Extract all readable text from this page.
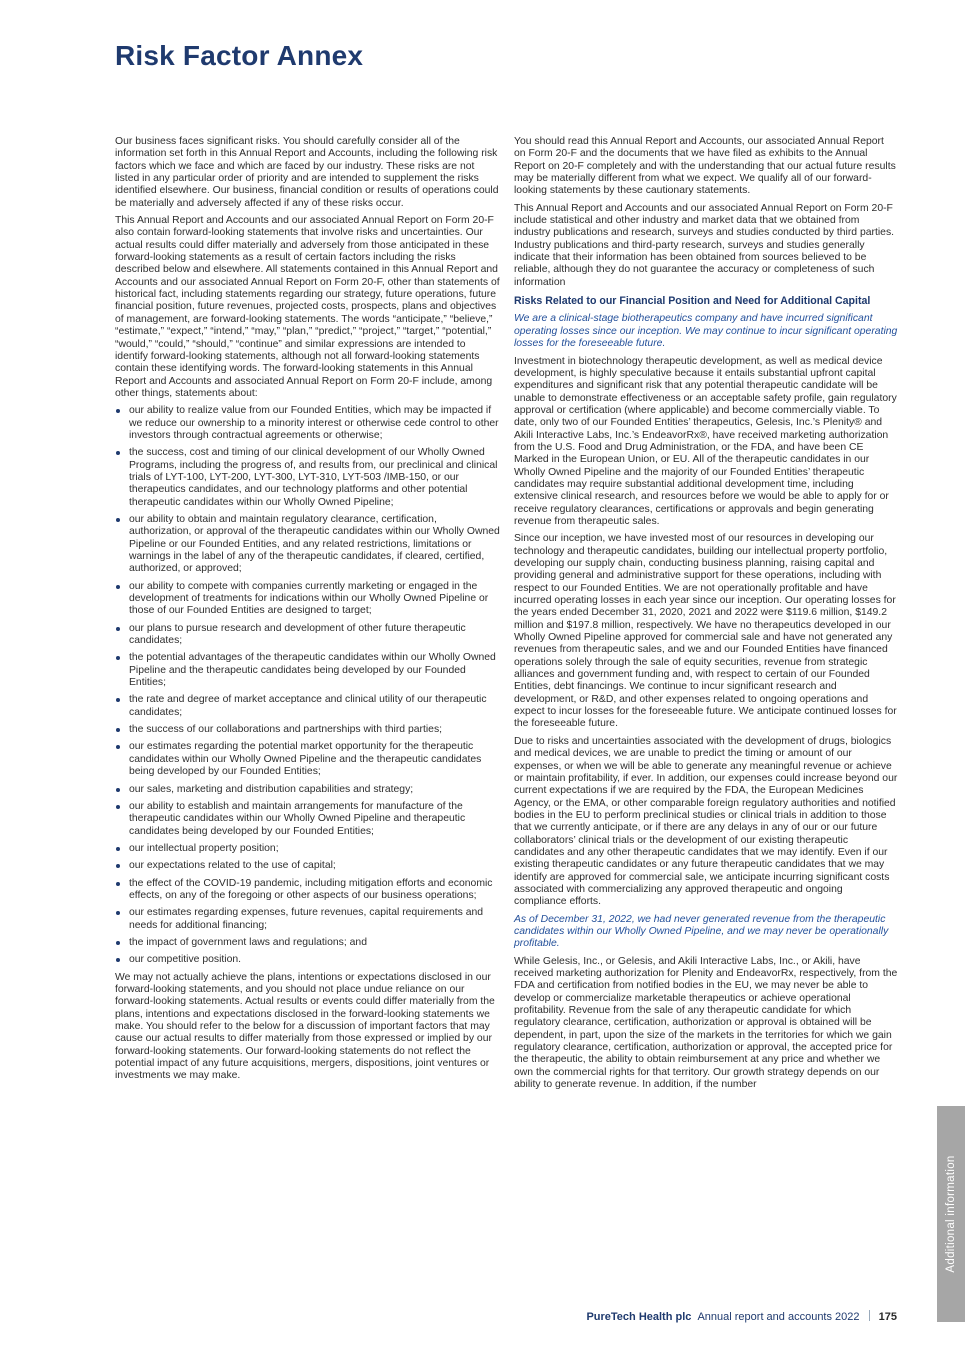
Risk Factor Annex

Our business faces significant risks. You should carefully consider all of the information set forth in this Annual Report and Accounts, including the following risk factors which we face and which are faced by our industry. These risks are not listed in any particular order of priority and are intended to supplement the risks identified elsewhere. Our business, financial condition or results of operations could be materially and adversely affected if any of these risks occur.

This Annual Report and Accounts and our associated Annual Report on Form 20-F also contain forward-looking statements that involve risks and uncertainties. Our actual results could differ materially and adversely from those anticipated in these forward-looking statements as a result of certain factors including the risks described below and elsewhere. All statements contained in this Annual Report and Accounts and our associated Annual Report on Form 20-F, other than statements of historical fact, including statements regarding our strategy, future operations, future financial position, future revenues, projected costs, prospects, plans and objectives of management, are forward-looking statements. The words “anticipate,” “believe,” “estimate,” “expect,” “intend,” “may,” “plan,” “predict,” “project,” “target,” “potential,” “would,” “could,” “should,” “continue” and similar expressions are intended to identify forward-looking statements, although not all forward-looking statements contain these identifying words. The forward-looking statements in this Annual Report and Accounts and associated Annual Report on Form 20-F include, among other things, statements about:

our ability to realize value from our Founded Entities, which may be impacted if we reduce our ownership to a minority interest or otherwise cede control to other investors through contractual agreements or otherwise;
the success, cost and timing of our clinical development of our Wholly Owned Programs, including the progress of, and results from, our preclinical and clinical trials of LYT-100, LYT-200, LYT-300, LYT-310, LYT-503 /IMB-150, or our therapeutics candidates, and our technology platforms and other potential therapeutic candidates within our Wholly Owned Pipeline;
our ability to obtain and maintain regulatory clearance, certification, authorization, or approval of the therapeutic candidates within our Wholly Owned Pipeline or our Founded Entities, and any related restrictions, limitations or warnings in the label of any of the therapeutic candidates, if cleared, certified, authorized, or approved;
our ability to compete with companies currently marketing or engaged in the development of treatments for indications within our Wholly Owned Pipeline or those of our Founded Entities are designed to target;
our plans to pursue research and development of other future therapeutic candidates;
the potential advantages of the therapeutic candidates within our Wholly Owned Pipeline and the therapeutic candidates being developed by our Founded Entities;
the rate and degree of market acceptance and clinical utility of our therapeutic candidates;
the success of our collaborations and partnerships with third parties;
our estimates regarding the potential market opportunity for the therapeutic candidates within our Wholly Owned Pipeline and the therapeutic candidates being developed by our Founded Entities;
our sales, marketing and distribution capabilities and strategy;
our ability to establish and maintain arrangements for manufacture of the therapeutic candidates within our Wholly Owned Pipeline and therapeutic candidates being developed by our Founded Entities;
our intellectual property position;
our expectations related to the use of capital;
the effect of the COVID-19 pandemic, including mitigation efforts and economic effects, on any of the foregoing or other aspects of our business operations;
our estimates regarding expenses, future revenues, capital requirements and needs for additional financing;
the impact of government laws and regulations; and
our competitive position.

We may not actually achieve the plans, intentions or expectations disclosed in our forward-looking statements, and you should not place undue reliance on our forward-looking statements. Actual results or events could differ materially from the plans, intentions and expectations disclosed in the forward-looking statements we make. You should refer to the below for a discussion of important factors that may cause our actual results to differ materially from those expressed or implied by our forward-looking statements. Our forward-looking statements do not reflect the potential impact of any future acquisitions, mergers, dispositions, joint ventures or investments we may make.

You should read this Annual Report and Accounts, our associated Annual Report on Form 20-F and the documents that we have filed as exhibits to the Annual Report on 20-F completely and with the understanding that our actual future results may be materially different from what we expect. We qualify all of our forward-looking statements by these cautionary statements.

This Annual Report and Accounts and our associated Annual Report on Form 20-F include statistical and other industry and market data that we obtained from industry publications and research, surveys and studies conducted by third parties. Industry publications and third-party research, surveys and studies generally indicate that their information has been obtained from sources believed to be reliable, although they do not guarantee the accuracy or completeness of such information

Risks Related to our Financial Position and Need for Additional Capital

We are a clinical-stage biotherapeutics company and have incurred significant operating losses since our inception. We may continue to incur significant operating losses for the foreseeable future.

Investment in biotechnology therapeutic development, as well as medical device development, is highly speculative because it entails substantial upfront capital expenditures and significant risk that any potential therapeutic candidate will be unable to demonstrate effectiveness or an acceptable safety profile, gain regulatory approval or certification (where applicable) and become commercially viable. To date, only two of our Founded Entities’ therapeutics, Gelesis, Inc.’s Plenity® and Akili Interactive Labs, Inc.’s EndeavorRx®, have received marketing authorization from the U.S. Food and Drug Administration, or the FDA, and have been CE Marked in the European Union, or EU. All of the therapeutic candidates in our Wholly Owned Pipeline and the majority of our Founded Entities’ therapeutic candidates may require substantial additional development time, including extensive clinical research, and resources before we would be able to apply for or receive regulatory clearances, certifications or approvals and begin generating revenue from therapeutic sales.

Since our inception, we have invested most of our resources in developing our technology and therapeutic candidates, building our intellectual property portfolio, developing our supply chain, conducting business planning, raising capital and providing general and administrative support for these operations, including with respect to our Founded Entities. We are not operationally profitable and have incurred operating losses in each year since our inception. Our operating losses for the years ended December 31, 2020, 2021 and 2022 were $119.6 million, $149.2 million and $197.8 million, respectively. We have no therapeutics developed in our Wholly Owned Pipeline approved for commercial sale and have not generated any revenues from therapeutic sales, and we and our Founded Entities have financed operations solely through the sale of equity securities, revenue from strategic alliances and government funding and, with respect to certain of our Founded Entities, debt financings. We continue to incur significant research and development, or R&D, and other expenses related to ongoing operations and expect to incur losses for the foreseeable future. We anticipate continued losses for the foreseeable future.

Due to risks and uncertainties associated with the development of drugs, biologics and medical devices, we are unable to predict the timing or amount of our expenses, or when we will be able to generate any meaningful revenue or achieve or maintain profitability, if ever. In addition, our expenses could increase beyond our current expectations if we are required by the FDA, the European Medicines Agency, or the EMA, or other comparable foreign regulatory authorities and notified bodies in the EU to perform preclinical studies or clinical trials in addition to those that we currently anticipate, or if there are any delays in any of our or our future collaborators’ clinical trials or the development of our existing therapeutic candidates and any other therapeutic candidates that we may identify. Even if our existing therapeutic candidates or any future therapeutic candidates that we may identify are approved for commercial sale, we anticipate incurring significant costs associated with commercializing any approved therapeutic and ongoing compliance efforts.

As of December 31, 2022, we had never generated revenue from the therapeutic candidates within our Wholly Owned Pipeline, and we may never be operationally profitable.

While Gelesis, Inc., or Gelesis, and Akili Interactive Labs, Inc., or Akili, have received marketing authorization for Plenity and EndeavorRx, respectively, from the FDA and certification from notified bodies in the EU, we may never be able to develop or commercialize marketable therapeutics or achieve operational profitability. Revenue from the sale of any therapeutic candidate for which regulatory clearance, certification, authorization or approval is obtained will be dependent, in part, upon the size of the markets in the territories for which we gain regulatory clearance, certification, authorization or approval, the accepted price for the therapeutic, the ability to obtain reimbursement at any price and whether we own the commercial rights for that territory. Our growth strategy depends on our ability to generate revenue. In addition, if the number

Additional information
PureTech Health plc Annual report and accounts 2022 175
